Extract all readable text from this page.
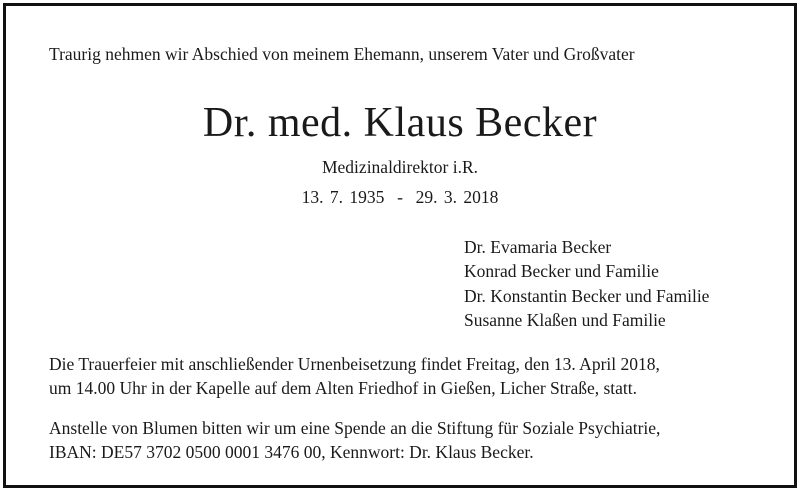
Traurig nehmen wir Abschied von meinem Ehemann, unserem Vater und Großvater
Dr. med. Klaus Becker
Medizinaldirektor i.R.
13. 7. 1935  -  29. 3. 2018
Dr. Evamaria Becker
Konrad Becker und Familie
Dr. Konstantin Becker und Familie
Susanne Klaßen und Familie
Die Trauerfeier mit anschließender Urnenbeisetzung findet Freitag, den 13. April 2018,
um 14.00 Uhr in der Kapelle auf dem Alten Friedhof in Gießen, Licher Straße, statt.
Anstelle von Blumen bitten wir um eine Spende an die Stiftung für Soziale Psychiatrie,
IBAN: DE57 3702 0500 0001 3476 00, Kennwort: Dr. Klaus Becker.
